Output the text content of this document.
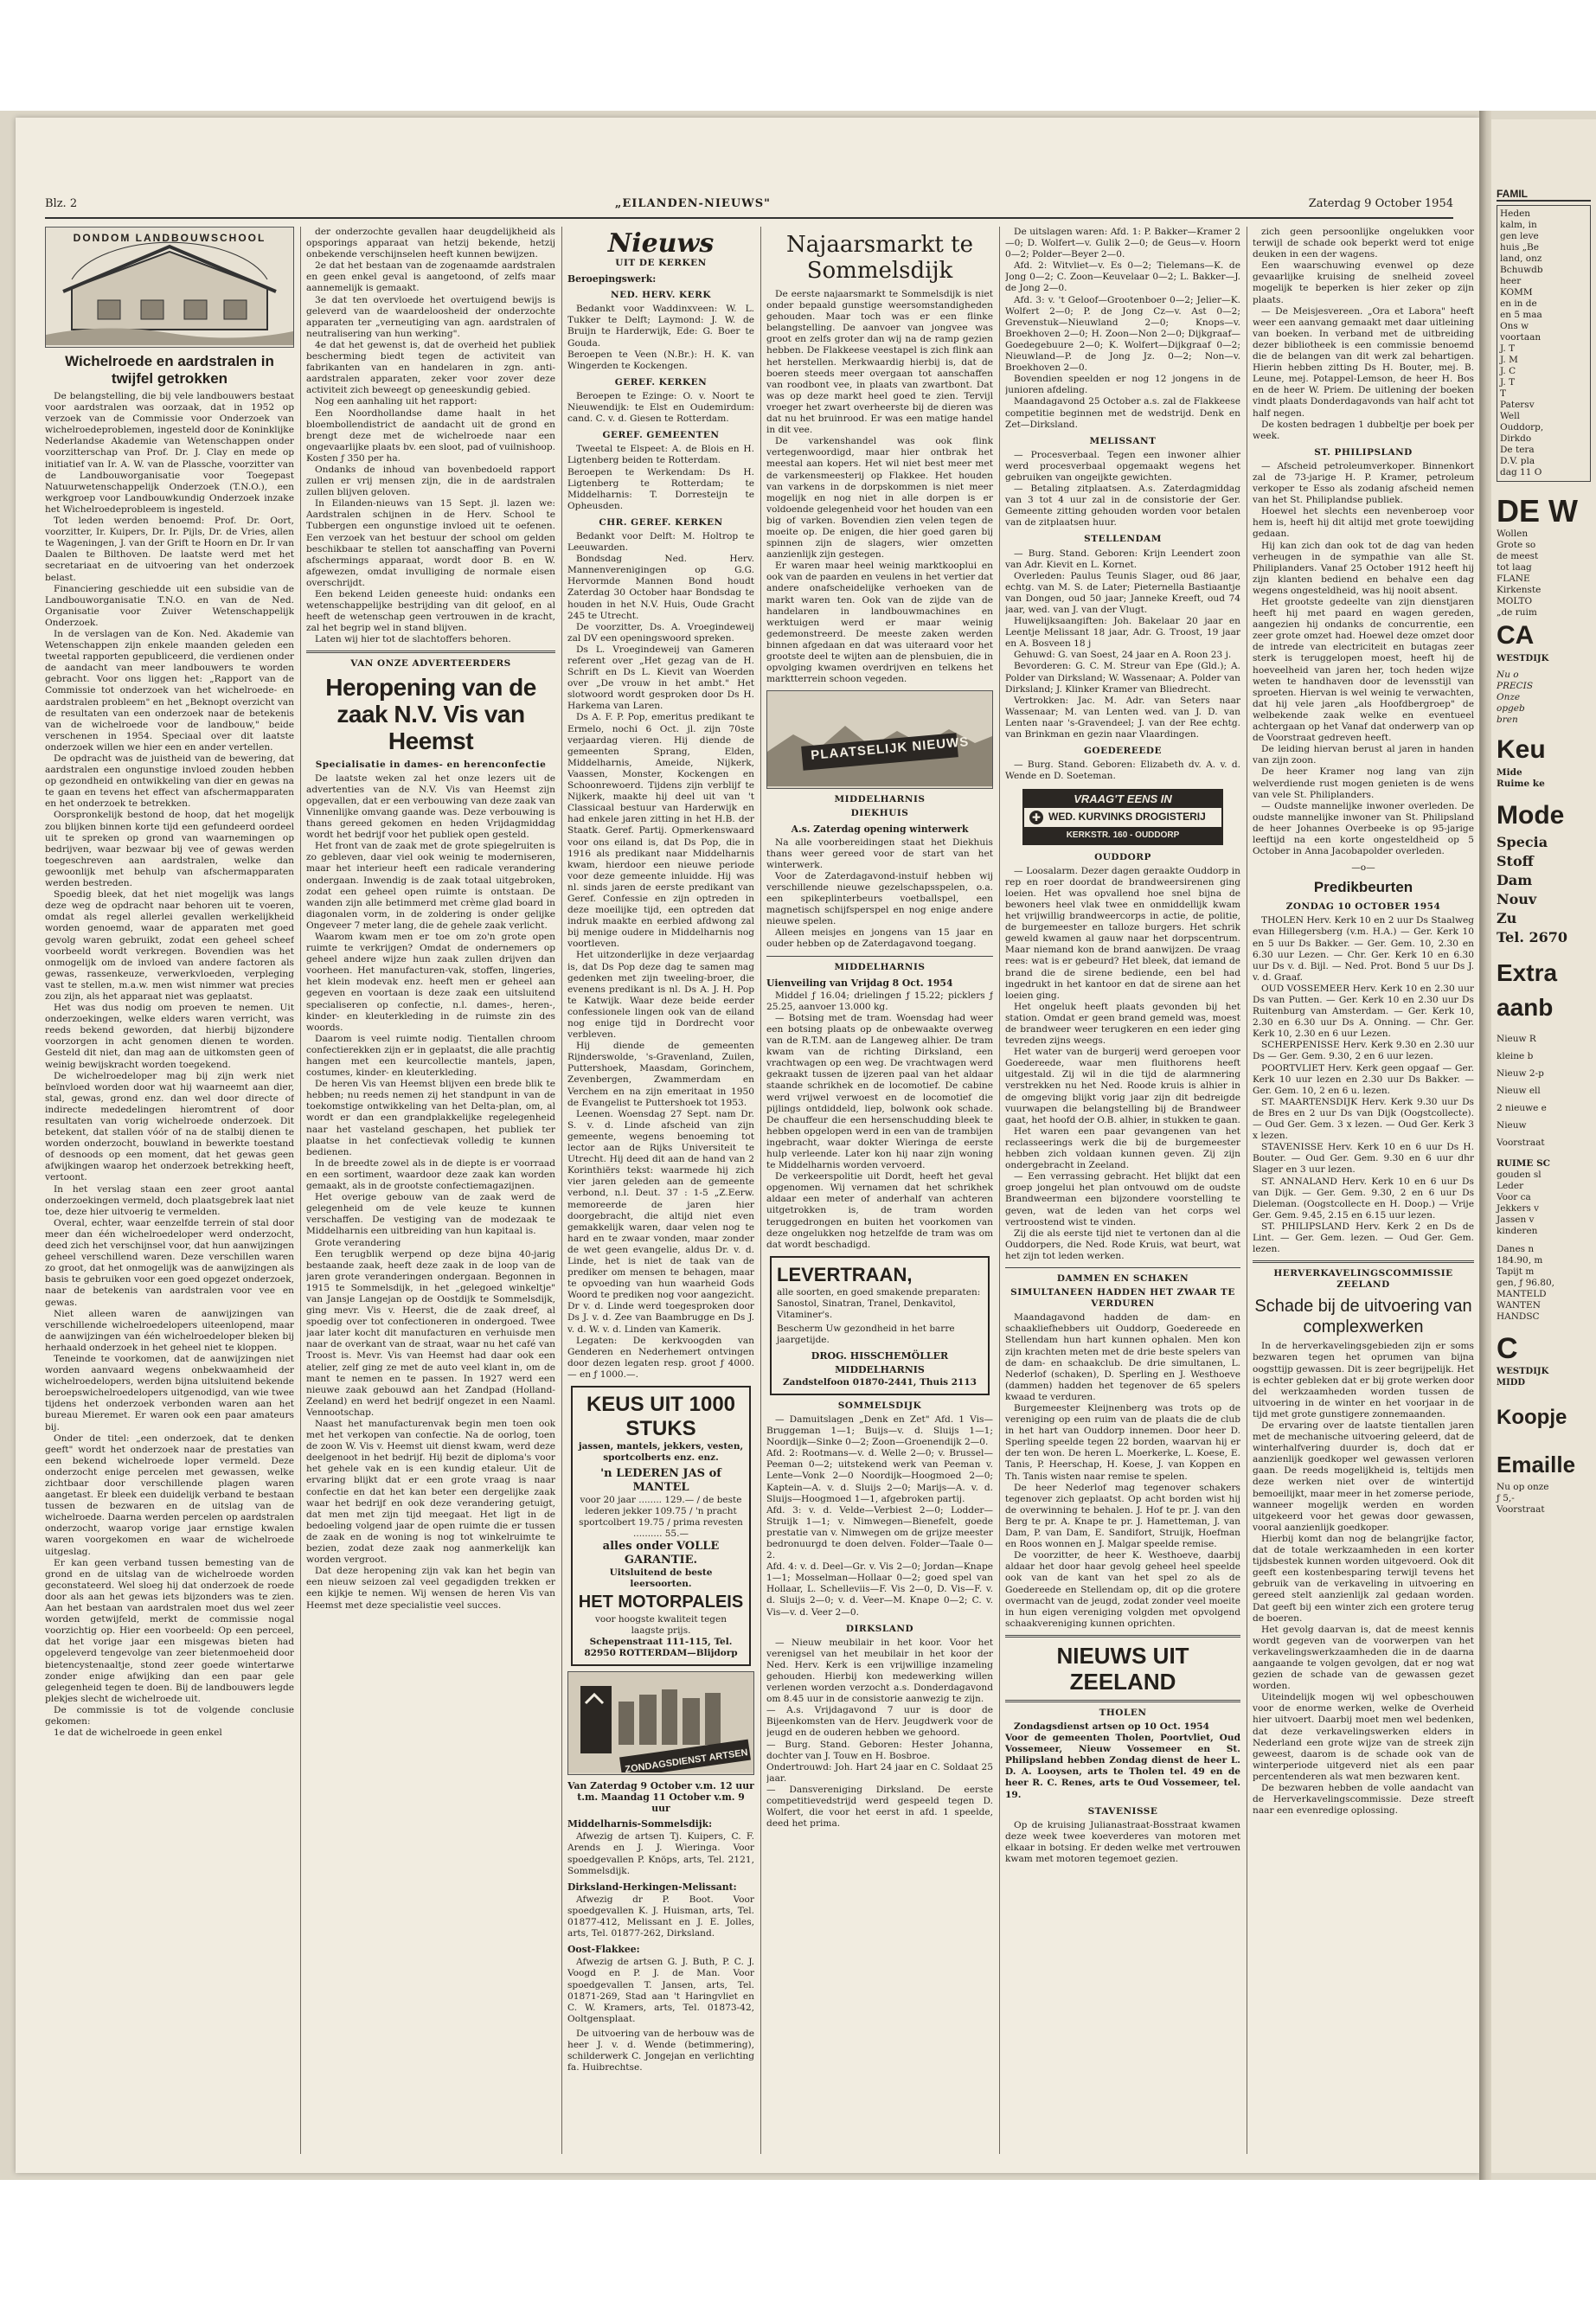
Blz. 2	„EILANDEN-NIEUWS"	Zaterdag 9 October 1954
DONDOM LANDBOUWSCHOOL
Wichelroede en aardstralen in twijfel getrokken

De belangstelling, die bij vele landbouwers bestaat voor aardstralen was oorzaak, dat in 1952 op verzoek van de Commissie voor Onderzoek van wichelroedeproblemen, ingesteld door de Koninklijke Nederlandse Akademie van Wetenschappen onder voorzitterschap van Prof. Dr. J. Clay en mede op initiatief van Ir. A. W. van de Plassche, voorzitter van de Landbouworganisatie voor Toegepast Natuurwetenschappelijk Onderzoek (T.N.O.), een werkgroep voor Landbouwkundig Onderzoek inzake het Wichelroedeprobleem is ingesteld.

Tot leden werden benoemd: Prof. Dr. Oort, voorzitter, Ir. Kuipers, Dr. Ir. Pijls, Dr. de Vries, allen te Wageningen, J. van der Grift te Hoorn en Dr. Ir van Daalen te Bilthoven. De laatste werd met het secretariaat en de uitvoering van het onderzoek belast.

Financiering geschiedde uit een subsidie van de Landbouworganisatie T.N.O. en van de Ned. Organisatie voor Zuiver Wetenschappelijk Onderzoek.

In de verslagen van de Kon. Ned. Akademie van Wetenschappen zijn enkele maanden geleden een tweetal rapporten gepubliceerd, die verdienen onder de aandacht van meer landbouwers te worden gebracht. Voor ons liggen het: „Rapport van de Commissie tot onderzoek van het wichelroede- en aardstralen probleem" en het „Beknopt overzicht van de resultaten van een onderzoek naar de betekenis van de wichelroede voor de landbouw," beide verschenen in 1954. Speciaal over dit laatste onderzoek willen we hier een en ander vertellen.

De opdracht was de juistheid van de bewering, dat aardstralen een ongunstige invloed zouden hebben op gezondheid en ontwikkeling van dier en gewas na te gaan en tevens het effect van afschermapparaten en het onderzoek te betrekken.

Oorspronkelijk bestond de hoop, dat het mogelijk zou blijken binnen korte tijd een gefundeerd oordeel uit te spreken op grond van waarnemingen op bedrijven, waar bezwaar bij vee of gewas werden toegeschreven aan aardstralen, welke dan gewoonlijk met behulp van afschermapparaten werden bestreden.

Spoedig bleek, dat het niet mogelijk was langs deze weg de opdracht naar behoren uit te voeren, omdat als regel allerlei gevallen werkelijkheid worden genoemd, waar de apparaten met goed gevolg waren gebruikt, zodat een geheel scheef voorbeeld wordt verkregen. Bovendien was het onmogelijk om de invloed van andere factoren als gewas, rassenkeuze, verwerkvloeden, verpleging vast te stellen, m.a.w. men wist nimmer wat precies zou zijn, als het apparaat niet was geplaatst.

Het was dus nodig om proeven te nemen. Uit onderzoekingen, welke elders waren verricht, was reeds bekend geworden, dat hierbij bijzondere voorzorgen in acht genomen dienen te worden. Gesteld dit niet, dan mag aan de uitkomsten geen of weinig bewijskracht worden toegekend.

De wichelroedeloper mag bij zijn werk niet beïnvloed worden door wat hij waarneemt aan dier, stal, gewas, grond enz. dan wel door directe of indirecte mededelingen hieromtrent of door resultaten van vorig wichelroede onderzoek. Dit betekent, dat stallen vóór of na de stalbij dienen te worden onderzocht, bouwland in bewerkte toestand of desnoods op een moment, dat het gewas geen afwijkingen waarop het onderzoek betrekking heeft, vertoont.

In het verslag staan een zeer groot aantal onderzoekingen vermeld, doch plaatsgebrek laat niet toe, deze hier uitvoerig te vermelden.

Overal, echter, waar eenzelfde terrein of stal door meer dan één wichelroedeloper werd onderzocht, deed zich het verschijnsel voor, dat hun aanwijzingen geheel verschillend waren. Deze verschillen waren zo groot, dat het onmogelijk was de aanwijzingen als basis te gebruiken voor een goed opgezet onderzoek, naar de betekenis van aardstralen voor vee en gewas.

Niet alleen waren de aanwijzingen van verschillende wichelroedelopers uiteenlopend, maar de aanwijzingen van één wichelroedeloper bleken bij herhaald onderzoek in het geheel niet te kloppen.

Teneinde te voorkomen, dat de aanwijzingen niet worden aanvaard wegens onbekwaamheid der wichelroedelopers, werden bijna uitsluitend bekende beroepswichelroedelopers uitgenodigd, van wie twee tijdens het onderzoek verbonden waren aan het bureau Mieremet. Er waren ook een paar amateurs bij.

Onder de titel: „een onderzoek, dat te denken geeft" wordt het onderzoek naar de prestaties van een bekend wichelroede loper vermeld. Deze onderzocht enige percelen met gewassen, welke zichtbaar door verschillende plagen waren aangetast. Er bleek een duidelijk verband te bestaan tussen de bezwaren en de uitslag van de wichelroede. Daarna werden percelen op aardstralen onderzocht, waarop vorige jaar ernstige kwalen waren voorgekomen en waar de wichelroede uitgeslag.

Er kan geen verband tussen bemesting van de grond en de uitslag van de wichelroede worden geconstateerd. Wel sloeg hij dat onderzoek de roede door als aan het gewas iets bijzonders was te zien. Aan het bestaan van aardstralen moet dus wel zeer worden getwijfeld, merkt de commissie nogal voorzichtig op. Hier een voorbeeld: Op een perceel, dat het vorige jaar een misgewas bieten had opgeleverd tengevolge van zeer bietenmoeheid door bietencystenaaltje, stond zeer goede wintertarwe zonder enige afwijking dan een paar gele gelegenheid tegen te doen. Bij de landbouwers legde plekjes slecht de wichelroede uit.

De commissie is tot de volgende conclusie gekomen:

1e dat de wichelroede in geen enkel

der onderzochte gevallen haar deugdelijkheid als opsporings apparaat van hetzij bekende, hetzij onbekende verschijnselen heeft kunnen bewijzen.

2e dat het bestaan van de zogenaamde aardstralen en geen enkel geval is aangetoond, of zelfs maar aannemelijk is gemaakt.

3e dat ten overvloede het overtuigend bewijs is geleverd van de waardeloosheid der onderzochte apparaten ter „verneutiging van agn. aardstralen of neutralisering van hun werking".

4e dat het gewenst is, dat de overheid het publiek bescherming biedt tegen de activiteit van fabrikanten van en handelaren in zgn. anti-aardstralen apparaten, zeker voor zover deze activiteit zich beweegt op geneeskundig gebied.

Nog een aanhaling uit het rapport:

Een Noordhollandse dame haalt in het bloembollendistrict de aandacht uit de grond en brengt deze met de wichelroede naar een ongevaarlijke plaats bv. een sloot, pad of vuilnishoop. Kosten ƒ 350 per ha.

Ondanks de inhoud van bovenbedoeld rapport zullen er vrij mensen zijn, die in de aardstralen zullen blijven geloven.

In Eilanden-nieuws van 15 Sept. jl. lazen we: Aardstralen schijnen in de Herv. School te Tubbergen een ongunstige invloed uit te oefenen. Een verzoek van het bestuur der school om gelden beschikbaar te stellen tot aanschaffing van Poverni afschermings apparaat, wordt door B. en W. afgewezen, omdat invulliging de normale eisen overschrijdt.

Een bekend Leiden geneeste huid: ondanks een wetenschappelijke bestrijding van dit geloof, en al heeft de wetenschap geen vertrouwen in de kracht, zal het begrip wel in stand blijven.

Laten wij hier tot de slachtoffers behoren.

VAN ONZE ADVERTEERDERS
Heropening van de zaak N.V. Vis van Heemst
Specialisatie in dames- en herenconfectie

De laatste weken zal het onze lezers uit de advertenties van de N.V. Vis van Heemst zijn opgevallen, dat er een verbouwing van deze zaak van Vinnenlijke omvang gaande was. Deze verbouwing is thans gereed gekomen en heden Vrijdagmiddag wordt het bedrijf voor het publiek open gesteld.

Het front van de zaak met de grote spiegelruiten is zo gebleven, daar viel ook weinig te moderniseren, maar het interieur heeft een radicale verandering ondergaan. Inwendig is de zaak totaal uitgebroken, zodat een geheel open ruimte is ontstaan. De wanden zijn alle betimmerd met crème glad board in diagonalen vorm, in de zoldering is onder gelijke Ongeveer 7 meter lang, die de gehele zaak verlicht.

Waarom kwam men er toe om zo'n grote open ruimte te verkrijgen? Omdat de ondernemers op geheel andere wijze hun zaak zullen drijven dan voorheen. Het manufacturen-vak, stoffen, lingeries, het klein modevak enz. heeft men er geheel aan gegeven en voortaan is deze zaak een uitsluitend specialiseren op confectie, n.l. dames-, heren-, kinder- en kleuterkleding in de ruimste zin des woords.

Daarom is veel ruimte nodig. Tientallen chroom confectierekken zijn er in geplaatst, die alle prachtig hangen met een keurcollectie mantels, japen, costumes, kinder- en kleuterkleding.

De heren Vis van Heemst blijven een brede blik te hebben; nu reeds nemen zij het standpunt in van de toekomstige ontwikkeling van het Delta-plan, om, al wordt er dan een grandplakkelijke regelegenheid naar het vasteland geschapen, het publiek ter plaatse in het confectievak volledig te kunnen bedienen.

In de breedte zowel als in de diepte is er voorraad en een sortiment, waardoor deze zaak kan worden gemaakt, als in de grootste confectiemagazijnen.

Het overige gebouw van de zaak werd de gelegenheid om de vele keuze te kunnen verschaffen. De vestiging van de modezaak te Middelharnis een uitbreiding van hun kapitaal is.

Grote verandering

Een terugblik werpend op deze bijna 40-jarig bestaande zaak, heeft deze zaak in de loop van de jaren grote veranderingen ondergaan. Begonnen in 1915 te Sommelsdijk, in het „gelegoed winkeltje" van Jansje Langejan op de Oostdijk te Sommelsdijk, ging mevr. Vis v. Heerst, die de zaak dreef, al spoedig over tot confectioneren in ondergoed. Twee jaar later kocht dit manufacturen en verhuisde men naar de overkant van de straat, waar nu het café van Troost is. Mevr. Vis van Heemst had daar ook een atelier, zelf ging ze met de auto veel klant in, om de mant te nemen en te passen. In 1927 werd een nieuwe zaak gebouwd aan het Zandpad (Holland-Zeeland) en werd het bedrijf ongezet in een Naaml. Vennootschap.

Naast het manufacturenvak begin men toen ook met het verkopen van confectie. Na de oorlog, toen de zoon W. Vis v. Heemst uit dienst kwam, werd deze deelgenoot in het bedrijf. Hij bezit de diploma's voor het gehele vak en is een kundig etaleur. Uit de ervaring blijkt dat er een grote vraag is naar confectie en dat het kan beter een dergelijke zaak waar het bedrijf en ook deze verandering getuigt, dat men met zijn tijd meegaat. Het ligt in de bedoeling volgend jaar de open ruimte die er tussen de zaak en de woning is nog tot winkelruimte te bezien, zodat deze zaak nog aanmerkelijk kan worden vergroot.

Dat deze heropening zijn vak kan het begin van een nieuw seizoen zal veel gegadigden trekken er een kijkje te nemen. Wij wensen de heren Vis van Heemst met deze specialistie veel succes.

Nieuws
UIT DE KERKEN
Beroepingswerk:
NED. HERV. KERK

Bedankt voor Waddinxveen: W. L. Tukker te Delft; Laymond: J. W. de Bruijn te Harderwijk, Ede: G. Boer te Gouda.
Beroepen te Veen (N.Br.): H. K. van Wingerden te Kockengen.

GEREF. KERKEN

Beroepen te Ezinge: O. v. Noort te Nieuwendijk: te Elst en Oudemirdum: cand. C. v. d. Giesen te Rotterdam.

GEREF. GEMEENTEN

Tweetal te Elspeet: A. de Blois en H. Ligtenberg beiden te Rotterdam.
Beroepen te Werkendam: Ds H. Ligtenberg te Rotterdam; te Middelharnis: T. Dorresteijn te Opheusden.

CHR. GEREF. KERKEN

Bedankt voor Delft: M. Holtrop te Leeuwarden.

Bondsdag Ned. Herv. Mannenverenigingen op G.G. Hervormde Mannen Bond houdt Zaterdag 30 October haar Bondsdag te houden in het N.V. Huis, Oude Gracht 245 te Utrecht.

De voorzitter, Ds. A. Vroegindeweij zal DV een openingswoord spreken.

Ds L. Vroegindeweij van Gameren referent over „Het gezag van de H. Schrift en Ds L. Kievit van Woerden over „De vrouw in het ambt." Het slotwoord wordt gesproken door Ds H. Harkema van Laren.

Ds A. F. P. Pop, emeritus predikant te Ermelo, nochi 6 Oct. jl. zijn 70ste verjaardag vieren. Hij diende de gemeenten Sprang, Elden, Middelharnis, Ameide, Nijkerk, Vaassen, Monster, Kockengen en Schoonrewoerd. Tijdens zijn verblijf te Nijkerk, maakte hij deel uit van 't Classicaal bestuur van Harderwijk en had enkele jaren zitting in het H.B. der Staatk. Geref. Partij. Opmerkenswaard voor ons eiland is, dat Ds Pop, die in 1916 als predikant naar Middelharnis kwam, hierdoor een nieuwe periode voor deze gemeente inluidde. Hij was nl. sinds jaren de eerste predikant van Geref. Confessie en zijn optreden in deze moeilijke tijd, een optreden dat indruk maakte en eerbied afdwong zal bij menige oudere in Middelharnis nog voortleven.

Het uitzonderlijke in deze verjaardag is, dat Ds Pop deze dag te samen mag gedenken met zijn tweeling-broer, die evenens predikant is nl. Ds A. J. H. Pop te Katwijk. Waar deze beide eerder confessionele lingen ook van de eiland nog enige tijd in Dordrecht voor verbleven.

Hij diende de gemeenten Rijnderswolde, 's-Gravenland, Zuilen, Puttershoek, Maasdam, Gorinchem, Zevenbergen, Zwammerdam en Verchem en na zijn emeritaat in 1950 de Evangelist te Puttershoek tot 1953.

Leenen. Woensdag 27 Sept. nam Dr. S. v. d. Linde afscheid van zijn gemeente, wegens benoeming tot lector aan de Rijks Universiteit te Utrecht. Hij deed dit aan de hand van 2 Korinthiërs tekst: waarmede hij zich vier jaren geleden aan de gemeente verbond, n.l. Deut. 37 : 1-5 „Z.Eerw. memoreerde de jaren hier doorgebracht, die altijd niet even gemakkelijk waren, daar velen nog te hard en te zwaar vonden, maar zonder de wet geen evangelie, aldus Dr. v. d. Linde, het is niet de taak van de prediker om mensen te behagen, maar te opvoeding van hun waarheid Gods Woord te prediken nog voor aangezicht. Dr v. d. Linde werd toegesproken door Ds J. v. d. Zee van Baambrugge en Ds J. v. d. W. v. d. Linden van Kamerik.

Legaten: De kerkvoogden van Genderen en Nederhemert ontvingen door dezen legaten resp. groot ƒ 4000.— en ƒ 1000.—.

KEUS UIT 1000 STUKS
jassen, mantels, jekkers, vesten, sportcolberts enz. enz.
'n LEDEREN JAS of MANTEL
voor 20 jaar ........ 129.— / de beste lederen jekker 109.75 / 'n pracht sportcolbert 19.75 / prima revesten .......... 55.—
alles onder VOLLE GARANTIE.
Uitsluitend de beste leersoorten.
HET MOTORPALEIS
voor hoogste kwaliteit tegen laagste prijs.
Schepenstraat 111-115, Tel. 82950 ROTTERDAM—Blijdorp
ZONDAGSDIENST ARTSEN
Van Zaterdag 9 October v.m. 12 uur t.m. Maandag 11 October v.m. 9 uur
Middelharnis-Sommelsdijk:

Afwezig de artsen Tj. Kuipers, C. F. Arends en J. J. Wieringa. Voor spoedgevallen P. Knöps, arts, Tel. 2121, Sommelsdijk.

Dirksland-Herkingen-Melissant:

Afwezig dr P. Boot. Voor spoedgevallen K. J. Huisman, arts, Tel. 01877-412, Melissant en J. E. Jolles, arts, Tel. 01877-262, Dirksland.

Oost-Flakkee:

Afwezig de artsen G. J. Buth, P. C. J. Voogd en P. J. de Man. Voor spoedgevallen T. Jansen, arts, Tel. 01871-269, Stad aan 't Haringvliet en C. W. Kramers, arts, Tel. 01873-42, Ooltgensplaat.

De uitvoering van de herbouw was de heer J. v. d. Wende (betimmering), schilderwerk C. Jongejan en verlichting fa. Huibrechtse.

Najaarsmarkt te Sommelsdijk

De eerste najaarsmarkt te Sommelsdijk is niet onder bepaald gunstige weersomstandigheden gehouden. Maar toch was er een flinke belangstelling. De aanvoer van jongvee was groot en zelfs groter dan wij na de ramp gezien hebben. De Flakkeese veestapel is zich flink aan het herstellen. Merkwaardig hierbij is, dat de boeren steeds meer overgaan tot aanschaffen van roodbont vee, in plaats van zwartbont. Dat was op deze markt heel goed te zien. Tervijl vroeger het zwart overheerste bij de dieren was dat nu het bruinrood. Er was een matige handel in dit vee.

De varkenshandel was ook flink vertegenwoordigd, maar hier ontbrak het meestal aan kopers. Het wil niet best meer met de varkensmeesterij op Flakkee. Het houden van varkens in de dorpskommen is niet meer mogelijk en nog niet in alle dorpen is er voldoende gelegenheid voor het houden van een big of varken. Bovendien zien velen tegen de moeite op. De enigen, die hier goed garen bij spinnen zijn de slagers, wier omzetten aanzienlijk zijn gestegen.

Er waren maar heel weinig marktkooplui en ook van de paarden en veulens in het vertier dat andere onafscheidelijke verhoeken van de markt waren ten. Ook van de zijde van de handelaren in landbouwmachines en werktuigen werd er maar weinig gedemonstreerd. De meeste zaken werden binnen afgedaan en dat was uiteraard voor het grootste deel te wijten aan de plensbuien, die in opvolging kwamen overdrijven en telkens het marktterrein schoon vegeden.

PLAATSELIJK NIEUWS
MIDDELHARNIS
DIEKHUIS
A.s. Zaterdag opening winterwerk

Na alle voorbereidingen staat het Diekhuis thans weer gereed voor de start van het winterwerk.

Voor de Zaterdagavond-instuif hebben wij verschillende nieuwe gezelschapsspelen, o.a. een spikeplinterbeurs voetballspel, een magnetisch schijfsperspel en nog enige andere nieuwe spelen.

Alleen meisjes en jongens van 15 jaar en ouder hebben op de Zaterdagavond toegang.

MIDDELHARNIS
Uienveiling van Vrijdag 8 Oct. 1954

Middel ƒ 16.04; drielingen ƒ 15.22; picklers ƒ 25.25, aanvoer 13.000 kg.

— Botsing met de tram. Woensdag had weer een botsing plaats op de onbewaakte overweg van de R.T.M. aan de Langeweg alhier. De tram kwam van de richting Dirksland, een vrachtwagen op een weg. De vrachtwagen werd gekraakt tussen de ijzeren paal van het aldaar staande schrikhek en de locomotief. De cabine werd vrijwel verwoest en de locomotief die pijlings ontdiddeld, liep, bolwonk ook schade. De chauffeur die een hersenschudding bleek te hebben opgelopen werd in een van de trambijen ingebracht, waar dokter Wieringa de eerste hulp verleende. Later kon hij naar zijn woning te Middelharnis worden vervoerd.

De verkeerspolitie uit Dordt, heeft het geval opgenomen. Wij vernamen dat het schrikhek aldaar een meter of anderhalf van achteren uitgetrokken is, de tram worden teruggedrongen en buiten het voorkomen van deze ongelukken nog hetzelfde de tram was om dat wordt beschadigd.

LEVERTRAAN,
alle soorten, en goed smakende preparaten: Sanostol, Sinatran, Tranel, Denkavitol, Vitaminer's.
Bescherm Uw gezondheid in het barre jaargetijde.
DROG. HISSCHEMÖLLER MIDDELHARNIS
Zandstelfoon 01870-2441, Thuis 2113
SOMMELSDIJK

— Damuitslagen „Denk en Zet" Afd. 1 Vis—Bruggeman 1—1; Buijs—v. d. Sluijs 1—1; Noordijk—Sinke 0—2; Zoon—Groenendijk 2—0.
Afd. 2: Rootmans—v. d. Welle 2—0; v. Brussel—Peeman 0—2; uitstekend werk van Peeman v. Lente—Vonk 2—0 Noordijk—Hoogmoed 2—0; Kaptein—A. v. d. Sluijs 2—0; Marijs—A. v. d. Sluijs—Hoogmoed 1—1, afgebroken partij.
Afd. 3: v. d. Velde—Verbiest 2—0; Lodder—Struijk 1—1; v. Nimwegen—Bienefelt, goede prestatie van v. Nimwegen om de grijze meester bedronuurgd te doen delven. Folder—Taale 0—2.
Afd. 4: v. d. Deel—Gr. v. Vis 2—0; Jordan—Knape 1—1; Mosselman—Hollaar 0—2; goed spel van Hollaar, L. Schelleviis—F. Vis 2—0, D. Vis—F. v. d. Sluijs 2—0; v. d. Veer—M. Knape 0—2; C. v. Vis—v. d. Veer 2—0.

DIRKSLAND

— Nieuw meubilair in het koor. Voor het verenigsel van het meubilair in het koor der Ned. Herv. Kerk is een vrijwillige inzameling gehouden. Hierbij kon medewerking willen verlenen worden verzocht a.s. Donderdagavond om 8.45 uur in de consistorie aanwezig te zijn.
— A.s. Vrijdagavond 7 uur is door de Bijeenkomsten van de Herv. Jeugdwerk voor de jeugd en de ouderen hebben we gehoord.
— Burg. Stand. Geboren: Hester Johanna, dochter van J. Touw en H. Bosbroe.
Ondertrouwd: Joh. Hart 24 jaar en C. Soldaat 25 jaar.
— Dansvereniging Dirksland. De eerste competitievedstrijd werd gespeeld tegen D. Wolfert, die voor het eerst in afd. 1 speelde, deed het prima.

De uitslagen waren: Afd. 1: P. Bakker—Kramer 2—0; D. Wolfert—v. Gulik 2—0; de Geus—v. Hoorn 0—2; Polder—Beyer 2—0.

Afd. 2: Witvliet—v. Es 0—2; Tielemans—K. de Jong 0—2; C. Zoon—Keuvelaar 0—2; L. Bakker—J. de Jong 2—0.

Afd. 3: v. 't Geloof—Grootenboer 0—2; Jelier—K. Wolfert 2—0; P. de Jong Cz—v. Ast 0—2; Grevenstuk—Nieuwland 2—0; Knops—v. Broekhoven 2—0; H. Zoon—Non 2—0; Dijkgraaf—Goedegebuure 2—0; K. Wolfert—Dijkgraaf 0—2; Nieuwland—P. de Jong Jz. 0—2; Non—v. Broekhoven 2—0.

Bovendien speelden er nog 12 jongens in de junioren afdeling.

Maandagavond 25 October a.s. zal de Flakkeese competitie beginnen met de wedstrijd. Denk en Zet—Dirksland.

MELISSANT

— Procesverbaal. Tegen een inwoner alhier werd procesverbaal opgemaakt wegens het gebruiken van ongeijkte gewichten.

— Betaling zitplaatsen. A.s. Zaterdagmiddag van 3 tot 4 uur zal in de consistorie der Ger. Gemeente zitting gehouden worden voor betalen van de zitplaatsen huur.

STELLENDAM

— Burg. Stand. Geboren: Krijn Leendert zoon van Adr. Kievit en L. Kornet.

Overleden: Paulus Teunis Slager, oud 86 jaar, echtg. van M. S. de Later; Pieternella Bastiaantje van Dongen, oud 50 jaar; Janneke Kreeft, oud 74 jaar, wed. van J. van der Vlugt.

Huwelijksaangiften: Joh. Bakelaar 20 jaar en Leentje Melissant 18 jaar, Adr. G. Troost, 19 jaar en A. Bosveen 18 j

Gehuwd: G. van Soest, 24 jaar en A. Roon 23 j.

Bevorderen: G. C. M. Streur van Epe (Gld.); A. Polder van Dirksland; W. Wassenaar; A. Polder van Dirksland; J. Klinker Kramer van Bliedrecht.

Vertrokken: Jac. M. Adr. van Seters naar Wassenaar; M. van Lenten wed. van J. D. van Lenten naar 's-Gravendeel; J. van der Ree echtg. van Brinkman en gezin naar Vlaardingen.

GOEDEREEDE

— Burg. Stand. Geboren: Elizabeth dv. A. v. d. Wende en D. Soeteman.

VRAAG'T EENS IN
✚ WED. KURVINKS DROGISTERIJ
KERKSTR. 160 - OUDDORP
OUDDORP

— Loosalarm. Dezer dagen geraakte Ouddorp in rep en roer doordat de brandweersirenen ging loeien. Het was opvallend hoe snel bijna de bewoners heel vlak twee en onmiddellijk kwam het vrijwillig brandweercorps in actie, de politie, de burgemeester en talloze burgers. Het schrik geweld kwamen al gauw naar het dorpscentrum. Maar niemand kon de brand aanwijzen. De vraag rees: wat is er gebeurd? Het bleek, dat iemand de brand die de sirene bediende, een bel had ingedrukt in het kantoor en dat de sirene aan het loeien ging.

Het ongeluk heeft plaats gevonden bij het station. Omdat er geen brand gemeld was, moest de brandweer weer terugkeren en een ieder ging tevreden zijns weegs.

Het water van de burgerij werd geroepen voor Goedereede, waar men fluithorens heeft uitgestald. Zij wil in die tijd de alarmnering verstrekken nu het Ned. Roode kruis is alhier in de omgeving blijkt vorig jaar zijn dit bedreigde vuurwapen die belangstelling bij de Brandweer gaat, het hoofd der O.B. alhier, in stukken te gaan.

Het waren een paar gevangenen van het reclasseerings werk die bij de burgemeester hebben zich voldaan kunnen geven. Zij zijn ondergebracht in Zeeland.

— Een verrassing gebracht. Het blijkt dat een groep jongelui het plan ontvouwd om de oudste Brandweerman een bijzondere voorstelling te geven, wat de leden van het corps wel vertroostend wist te vinden.

Zij die als eerste tijd niet te vertonen dan al die Ouddorpers, die Ned. Rode Kruis, wat beurt, wat het zijn tot leden werken.

DAMMEN EN SCHAKEN
SIMULTANEEN HADDEN HET ZWAAR TE VERDUREN

Maandagavond hadden de dam- en schaakliefhebbers uit Ouddorp, Goedereede en Stellendam hun hart kunnen ophalen. Men kon zijn krachten meten met de drie beste spelers van de dam- en schaakclub. De drie simultanen, L. Nederlof (schaken), D. Sperling en J. Westhoeve (dammen) hadden het tegenover de 65 spelers kwaad te verduren.

Burgemeester Kleijnenberg was trots op de vereniging op een ruim van de plaats die de club in het hart van Ouddorp innemen. Door heer D. Sperling speelde tegen 22 borden, waarvan hij er der ten won. De heren L. Moerkerke, L. Koese, E. Tanis, P. Heerschap, H. Koese, J. van Koppen en Th. Tanis wisten naar remise te spelen.

De heer Nederlof mag tegenover schakers tegenover zich geplaatst. Op acht borden wist hij de overwinning te behalen. J. Hof te pr. J. van den Berg te pr. A. Knape te pr. J. Hametteman, J. van Dam, P. van Dam, E. Sandifort, Struijk, Hoefman en Roos wonnen en J. Malgar speelde remise.

De voorzitter, de heer K. Westhoeve, daarbij aldaar het door haar gevolg geheel heel speelde ook van de kant van het spel zo als de Goedereede en Stellendam op, dit op die grotere overmacht van de jeugd, zodat zonder veel moeite in hun eigen vereniging volgden met opvolgend schaakvereniging kunnen oprichten.

NIEUWS UIT ZEELAND
THOLEN

Zondagsdienst artsen op 10 Oct. 1954
Voor de gemeenten Tholen, Poortvliet, Oud Vossemeer, Nieuw Vossemeer en St. Philipsland hebben Zondag dienst de heer L. D. A. Looysen, arts te Tholen tel. 49 en de heer R. C. Renes, arts te Oud Vossemeer, tel. 19.

STAVENISSE

Op de kruising Julianastraat-Bosstraat kwamen deze week twee koeverderes van motoren met elkaar in botsing. Er deden welke met vertrouwen kwam met motoren tegemoet gezien.

zich geen persoonlijke ongelukken voor terwijl de schade ook beperkt werd tot enige deuken in een der wagens.

Een waarschuwing evenwel op deze gevaarlijke kruising de snelheid zoveel mogelijk te beperken is hier zeker op zijn plaats.

— De Meisjesvereen. „Ora et Labora" heeft weer een aanvang gemaakt met daar uitleining van boeken. In verband met de uitbreiding dezer bibliotheek is een commissie benoemd die de belangen van dit werk zal behartigen. Hierin hebben zitting Ds H. Bouter, mej. B. Leune, mej. Potappel-Lemson, de heer H. Bos en de heer W. Priem. De uitlening der boeken vindt plaats Donderdagavonds van half acht tot half negen.

De kosten bedragen 1 dubbeltje per boek per week.

ST. PHILIPSLAND

— Afscheid petroleumverkoper. Binnenkort zal de 73-jarige H. P. Kramer, petroleum verkoper te Esso als zodanig afscheid nemen van het St. Philiplandse publiek.

Hoewel het slechts een nevenberoep voor hem is, heeft hij dit altijd met grote toewijding gedaan.

Hij kan zich dan ook tot de dag van heden verheugen in de sympathie van alle St. Philiplanders. Vanaf 25 October 1912 heeft hij zijn klanten bediend en behalve een dag wegens ongesteldheid, was hij nooit absent.

Het grootste gedeelte van zijn dienstjaren heeft hij met paard en wagen gereden, aangezien hij ondanks de concurrentie, een zeer grote omzet had. Hoewel deze omzet door de intrede van electriciteit en butagas zeer sterk is teruggelopen moest, heeft hij de hoeveelheid van jaren her, toch heden wijze weten te handhaven door de levensstijl van sproeten. Hiervan is wel weinig te verwachten, dat hij vele jaren „als Hoofdbergroep" de welbekende zaak welke en eventueel achtergaan op het Vanaf dat onderwerp van op de Voorstraat gedreven heeft.

De leiding hiervan berust al jaren in handen van zijn zoon.

De heer Kramer nog lang van zijn welverdiende rust mogen genieten is de wens van vele St. Philiplanders.

— Oudste mannelijke inwoner overleden. De oudste mannelijke inwoner van St. Philipsland de heer Johannes Overbeeke is op 95-jarige leeftijd na een korte ongesteldheid op 5 October in Anna Jacobapolder overleden.

—o—
Predikbeurten
ZONDAG 10 OCTOBER 1954

THOLEN Herv. Kerk 10 en 2 uur Ds Staalweg evan Hillegersberg (v.m. H.A.) — Ger. Kerk 10 en 5 uur Ds Bakker. — Ger. Gem. 10, 2.30 en 6.30 uur Lezen. — Chr. Ger. Kerk 10 en 6.30 uur Ds v. d. Bijl. — Ned. Prot. Bond 5 uur Ds J. v. d. Graaf.

OUD VOSSEMEER Herv. Kerk 10 en 2.30 uur Ds van Putten. — Ger. Kerk 10 en 2.30 uur Ds Ruitenburg van Amsterdam. — Ger. Kerk 10, 2.30 en 6.30 uur Ds A. Onning. — Chr. Ger. Kerk 10, 2.30 en 6 uur Lezen.

SCHERPENISSE Herv. Kerk 9.30 en 2.30 uur Ds — Ger. Gem. 9.30, 2 en 6 uur lezen.

POORTVLIET Herv. Kerk geen opgaaf — Ger. Kerk 10 uur lezen en 2.30 uur Ds Bakker. — Ger. Gem. 10, 2 en 6 u. lezen.

ST. MAARTENSDIJK Herv. Kerk 9.30 uur Ds de Bres en 2 uur Ds van Dijk (Oogstcollecte). — Oud Ger. Gem. 3 x lezen. — Oud Ger. Kerk 3 x lezen.

STAVENISSE Herv. Kerk 10 en 6 uur Ds H. Bouter. — Oud Ger. Gem. 9.30 en 6 uur dhr Slager en 3 uur lezen.

ST. ANNALAND Herv. Kerk 10 en 6 uur Ds van Dijk. — Ger. Gem. 9.30, 2 en 6 uur Ds Dieleman. (Oogstcollecte en H. Doop.) — Vrije Ger. Gem. 9.45, 2.15 en 6.15 uur lezen.

ST. PHILIPSLAND Herv. Kerk 2 en Ds de Lint. — Ger. Gem. lezen. — Oud Ger. Gem. lezen.

HERVERKAVELINGSCOMMISSIE ZEELAND
Schade bij de uitvoering van complexwerken

In de herverkavelingsgebieden zijn er soms bezwaren tegen het oprumen van bijna oogsttijp gewassen. Dit is zeer begrijpelijk. Het is echter gebleken dat er bij grote werken door del werkzaamheden worden tussen de uitvoering in de winter en het voorjaar in de tijd met grote gunstigere zonnemaanden.

De ervaring over de laatste tientallen jaren met de mechanische uitvoering geleerd, dat de winterhalfvering duurder is, doch dat er aanzienlijk goedkoper wel gewassen verloren gaan. De reeds mogelijkheid is, teltijds men deze werken niet over de wintertijd bemoeilijkt, maar meer in het zomerse periode, wanneer mogelijk werden en worden uitgekeerd voor het gewas door gewassen, vooral aanzienlijk goedkoper.

Hierbij komt dan nog de belangrijke factor, dat de totale werkzaamheden in een korter tijdsbestek kunnen worden uitgevoerd. Ook dit geeft een kostenbesparing terwijl tevens het gebruik van de verkaveling in uitvoering en gereed stelt aanzienlijk zal gedaan worden. Dat geeft bij een winter zich een grotere terug de boeren.

Het gevolg daarvan is, dat de meest kennis wordt gegeven van de voorwerpen van het verkavelingswerkzaamheden die in de daarna aangaande te volgen gevolgen, dat er nog wat gezien de schade van de gewassen gezet worden.

Uiteindelijk mogen wij wel opbeschouwen voor de enorme werken, welke de Overheid hier uitvoert. Daarbij moet men wel bedenken, dat deze verkavelingswerken elders in Nederland een grote wijze van de streek zijn geweest, daarom is de schade ook van de winterperiode uitgeverd niet als een paar percentenderen als wat men bezwaren kent.

De bezwaren hebben de volle aandacht van de Herverkavelingscommissie. Deze streeft naar een evenredige oplossing.

FAMIL
Heden
kalm, in
gen leve
huis „Be
land, onz
Bchuwdb
heer
KOMM
en in de
en 5 maa
Ons w
voortaan
J. T
J. M
J. C
J. T
T
Patersv
Well
Ouddorp,
Dirkdo
De tera
D.V. pla
dag 11 O
DE W
Wollen
Grote so
de meest
tot laag
FLANE
Kirkenste
MOLTO
„de ruim
CA
WESTDIJK
Nu o
PRECIS
Onze
opgeb
bren
Keu
Mide
Ruime ke
Mode
Specia
Stoff
Dam
Nouv
Zu
Tel. 2670
Extra
aanb
Nieuw R
kleine b
Nieuw 2-p
Nieuw ell
2 nieuwe e
Nieuw
Voorstraat
RUIME SC
gouden sl
Leder
Voor ca
Jekkers v
Jassen v
kinderen
Danes n
184.90, m
Tapijt m
gen, ƒ 96.80,
MANTELD
WANTEN
HANDSC
C
WESTDIJK
MIDD
Koopje
Emaille
Nu op onze
ƒ 5,-
Voorstraat
